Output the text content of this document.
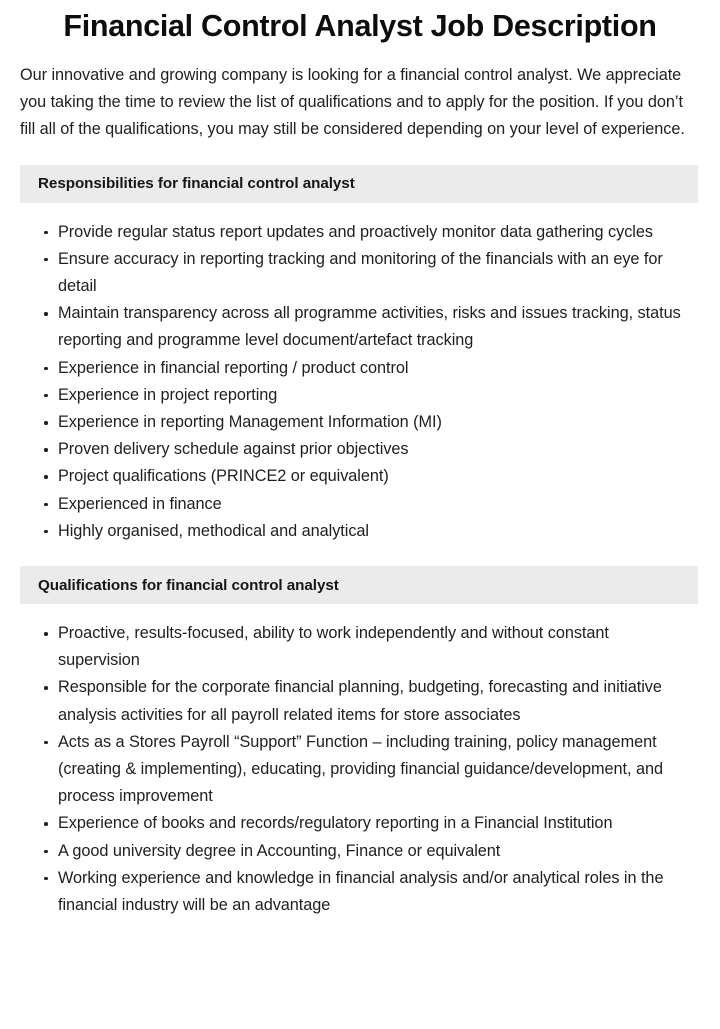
Financial Control Analyst Job Description

Our innovative and growing company is looking for a financial control analyst. We appreciate you taking the time to review the list of qualifications and to apply for the position. If you don’t fill all of the qualifications, you may still be considered depending on your level of experience.

Responsibilities for financial control analyst
Provide regular status report updates and proactively monitor data gathering cycles
Ensure accuracy in reporting tracking and monitoring of the financials with an eye for detail
Maintain transparency across all programme activities, risks and issues tracking, status reporting and programme level document/artefact tracking
Experience in financial reporting / product control
Experience in project reporting
Experience in reporting Management Information (MI)
Proven delivery schedule against prior objectives
Project qualifications (PRINCE2 or equivalent)
Experienced in finance
Highly organised, methodical and analytical
Qualifications for financial control analyst
Proactive, results-focused, ability to work independently and without constant supervision
Responsible for the corporate financial planning, budgeting, forecasting and initiative analysis activities for all payroll related items for store associates
Acts as a Stores Payroll “Support” Function – including training, policy management (creating & implementing), educating, providing financial guidance/development, and process improvement
Experience of books and records/regulatory reporting in a Financial Institution
A good university degree in Accounting, Finance or equivalent
Working experience and knowledge in financial analysis and/or analytical roles in the financial industry will be an advantage
